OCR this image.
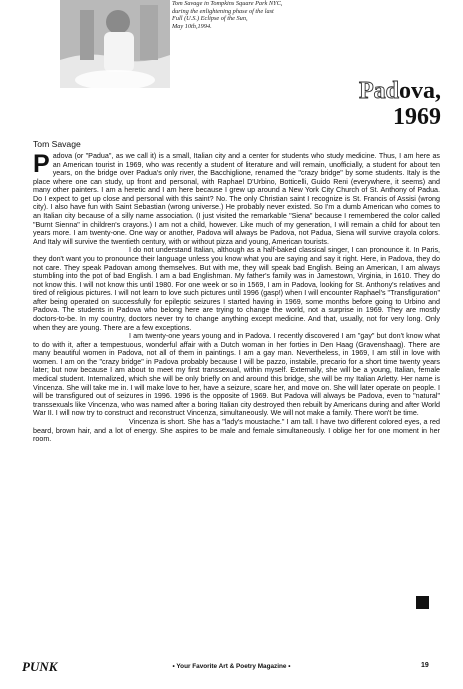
Tom Savage in Tompkins Square Park NYC,
during the enlightening phase of the last
Full (U.S.) Eclipse of the Sun,
May 10th,1994.
Padova,
1969
Tom Savage

Padova (or "Padua", as we call it) is a small, Italian city and a center for students who study medicine. Thus, I am here as an American tourist in 1969, who was recently a student of literature and will remain, unofficially, a student for about ten years, on the bridge over Padua's only river, the Bacchiglione, renamed the "crazy bridge" by some students. Italy is the place where one can study, up front and personal, with Raphael D'Urbino, Botticelli, Guido Reni (everywhere, it seems) and many other painters. I am a heretic and I am here because I grew up around a New York City Church of St. Anthony of Padua. Do I expect to get up close and personal with this saint? No. The only Christian saint I recognize is St. Francis of Assisi (wrong city). I also have fun with Saint Sebastian (wrong universe.) He probably never existed. So I'm a dumb American who comes to an Italian city because of a silly name association. (I just visited the remarkable "Siena" because I remembered the color called "Burnt Sienna" in children's crayons.) I am not a child, however. Like much of my generation, I will remain a child for about ten years more. I am twenty-one. One way or another, Padova will always be Padova, not Padua, Siena will survive crayola colors. And Italy will survive the twentieth century, with or without pizza and young, American tourists.

I do not understand Italian, although as a half-baked classical singer, I can pronounce it. In Paris, they don't want you to pronounce their language unless you know what you are saying and say it right. Here, in Padova, they do not care. They speak Padovan among themselves. But with me, they will speak bad English. Being an American, I am always stumbling into the pot of bad English. I am a bad Englishman. My father's family was in Jamestown, Virginia, in 1610. They do not know this. I will not know this until 1980. For one week or so in 1569, I am in Padova, looking for St. Anthony's relatives and tired of religious pictures. I will not learn to love such pictures until 1996 (gasp!) when I will encounter Raphael's "Transfiguration" after being operated on successfully for epileptic seizures I started having in 1969, some months before going to Urbino and Padova. The students in Padova who belong here are trying to change the world, not a surprise in 1969. They are mostly doctors-to-be. In my country, doctors never try to change anything except medicine. And that, usually, not for very long. Only when they are young. There are a few exceptions.

I am twenty-one years young and in Padova. I recently discovered I am "gay" but don't know what to do with it, after a tempestuous, wonderful affair with a Dutch woman in her forties in Den Haag (Gravenshaag). There are many beautiful women in Padova, not all of them in paintings. I am a gay man. Nevertheless, in 1969, I am still in love with women. I am on the "crazy bridge" in Padova probably because I will be pazzo, instabile, precario for a short time twenty years later; but now because I am about to meet my first transsexual, within myself. Externally, she will be a young, Italian, female medical student. Internalized, which she will be only briefly on and around this bridge, she will be my Italian Arletty. Her name is Vincenza. She will take me in. I will make love to her, have a seizure, scare her, and move on. She will later operate on people. I will be transfigured out of seizures in 1996. 1996 is the opposite of 1969. But Padova will always be Padova, even to "natural" transsexuals like Vincenza, who was named after a boring Italian city destroyed then rebuilt by Americans during and after World War II. I will now try to construct and reconstruct Vincenza, simultaneously. We will not make a family. There won't be time.

Vincenza is short. She has a "lady's moustache." I am tall. I have two different colored eyes, a red beard, brown hair, and a lot of energy. She aspires to be male and female simultaneously. I oblige her for one moment in her room.

PUNK	• Your Favorite Art & Poetry Magazine •	19
